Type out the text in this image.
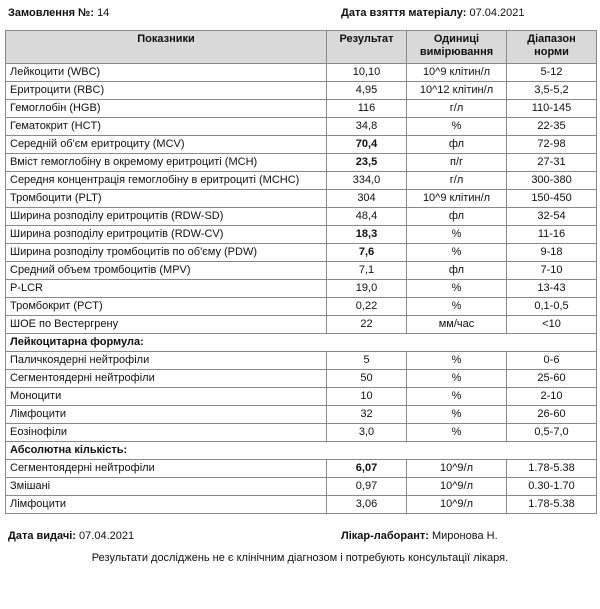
Замовлення №: 14	Дата взяття матеріалу: 07.04.2021
Показники	Результат	Одиниці вимірювання	Діапазон норми
Лейкоцити (WBC)	10,10	10^9 клітин/л	5-12
Еритроцити (RBC)	4,95	10^12 клітин/л	3,5-5,2
Гемоглобін (HGB)	116	г/л	110-145
Гематокрит (HCT)	34,8	%	22-35
Середній об'єм еритроциту (MCV)	70,4	фл	72-98
Вміст гемоглобіну в окремому еритроциті (MCH)	23,5	п/г	27-31
Середня концентрація гемоглобіну в еритроциті (MCHC)	334,0	г/л	300-380
Тромбоцити (PLT)	304	10^9 клітин/л	150-450
Ширина розподілу еритроцитів (RDW-SD)	48,4	фл	32-54
Ширина розподілу еритроцитів (RDW-CV)	18,3	%	11-16
Ширина розподілу тромбоцитів по об'єму (PDW)	7,6	%	9-18
Средний объем тромбоцитів (MPV)	7,1	фл	7-10
P-LCR	19,0	%	13-43
Тромбокрит (PCT)	0,22	%	0,1-0,5
ШОЕ по Вестергрену	22	мм/час	<10
Лейкоцитарна формула:			
Паличкоядерні нейтрофіли	5	%	0-6
Сегментоядерні нейтрофіли	50	%	25-60
Моноцити	10	%	2-10
Лімфоцити	32	%	26-60
Еозінофіли	3,0	%	0,5-7,0
Абсолютна кількість:			
Сегментоядерні нейтрофіли	6,07	10^9/л	1.78-5.38
Змішані	0,97	10^9/л	0.30-1.70
Лімфоцити	3,06	10^9/л	1.78-5.38
Дата видачі: 07.04.2021	Лікар-лаборант: Миронова Н.
Результати досліджень не є клінічним діагнозом і потребують консультації лікаря.
